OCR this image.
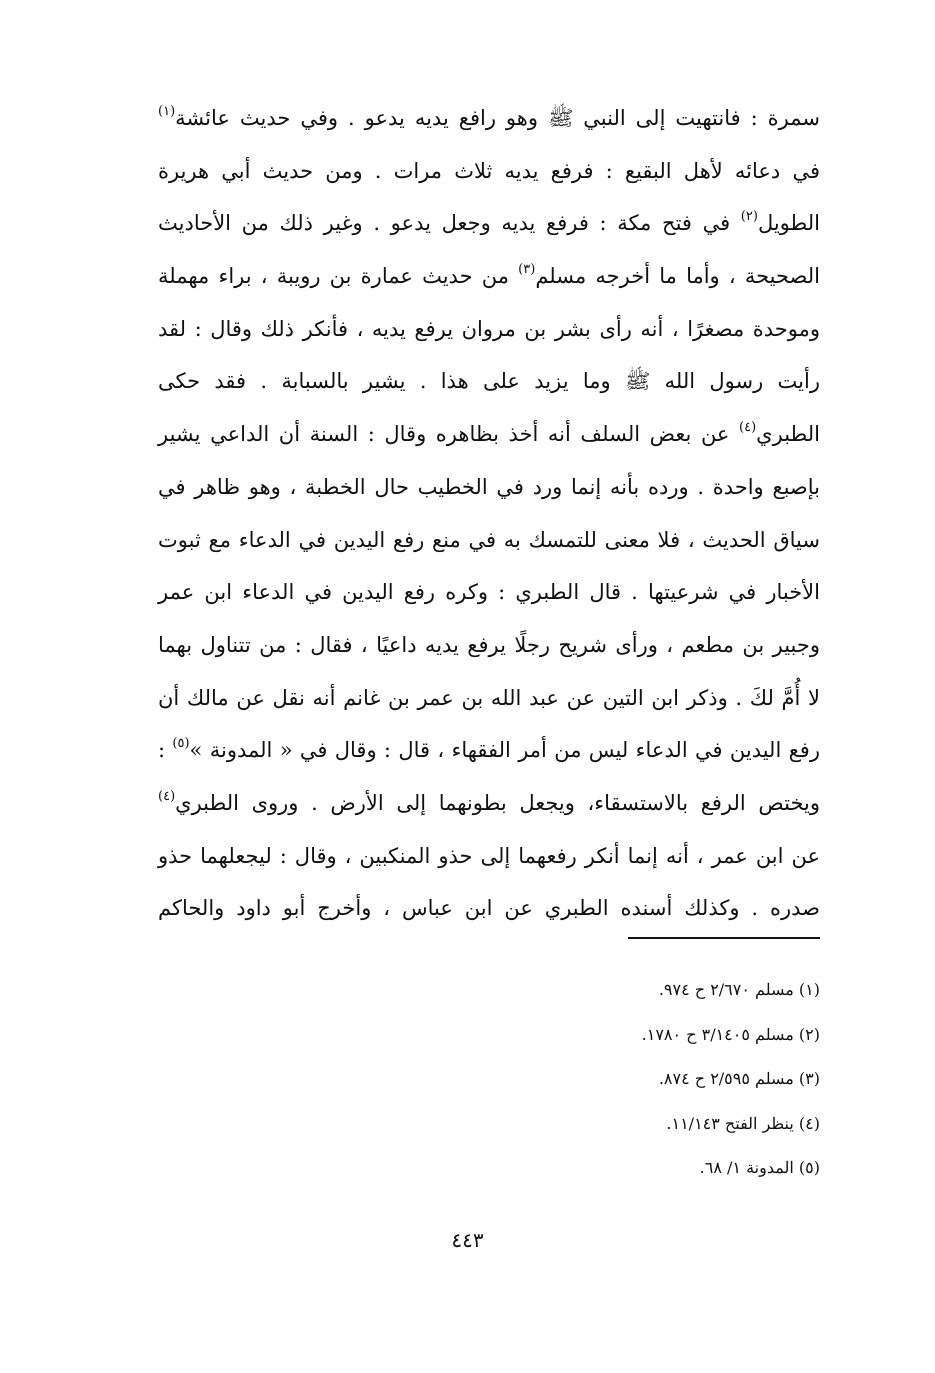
سمرة : فانتهيت إلى النبي ﷺ وهو رافع يديه يدعو . وفي حديث عائشة$^{(١)}$
في دعائه لأهل البقيع : فرفع يديه ثلاث مرات . ومن حديث أبي هريرة
الطويل$^{(٢)}$ في فتح مكة : فرفع يديه وجعل يدعو . وغير ذلك من الأحاديث
الصحيحة ، وأما ما أخرجه مسلم$^{(٣)}$ من حديث عمارة بن رويبة ، براء مهملة
وموحدة مصغرًا ، أنه رأى بشر بن مروان يرفع يديه ، فأنكر ذلك وقال : لقد
رأيت رسول الله ﷺ وما يزيد على هذا . يشير بالسبابة . فقد حكى
الطبري$^{(٤)}$ عن بعض السلف أنه أخذ بظاهره وقال : السنة أن الداعي يشير
بإصبع واحدة . ورده بأنه إنما ورد في الخطيب حال الخطبة ، وهو ظاهر في
سياق الحديث ، فلا معنى للتمسك به في منع رفع اليدين في الدعاء مع ثبوت
الأخبار في شرعيتها . قال الطبري : وكره رفع اليدين في الدعاء ابن عمر
وجبير بن مطعم ، ورأى شريح رجلًا يرفع يديه داعيًا ، فقال : من تتناول بهما
لا أُمَّ لكَ . وذكر ابن التين عن عبد الله بن عمر بن غانم أنه نقل عن مالك أن
رفع اليدين في الدعاء ليس من أمر الفقهاء ، قال : وقال في « المدونة »$^{(٥)}$ :
ويختص الرفع بالاستسقاء، ويجعل بطونهما إلى الأرض . وروى الطبري$^{(٤)}$
عن ابن عمر ، أنه إنما أنكر رفعهما إلى حذو المنكبين ، وقال : ليجعلهما حذو
صدره . وكذلك أسنده الطبري عن ابن عباس ، وأخرج أبو داود والحاكم
(١) مسلم ٢/٦٧٠ ح ٩٧٤.
(٢) مسلم ٣/١٤٠٥ ح ١٧٨٠.
(٣) مسلم ٢/٥٩٥ ح ٨٧٤.
(٤) ينظر الفتح ١١/١٤٣.
(٥) المدونة ١/ ٦٨.
٤٤٣
